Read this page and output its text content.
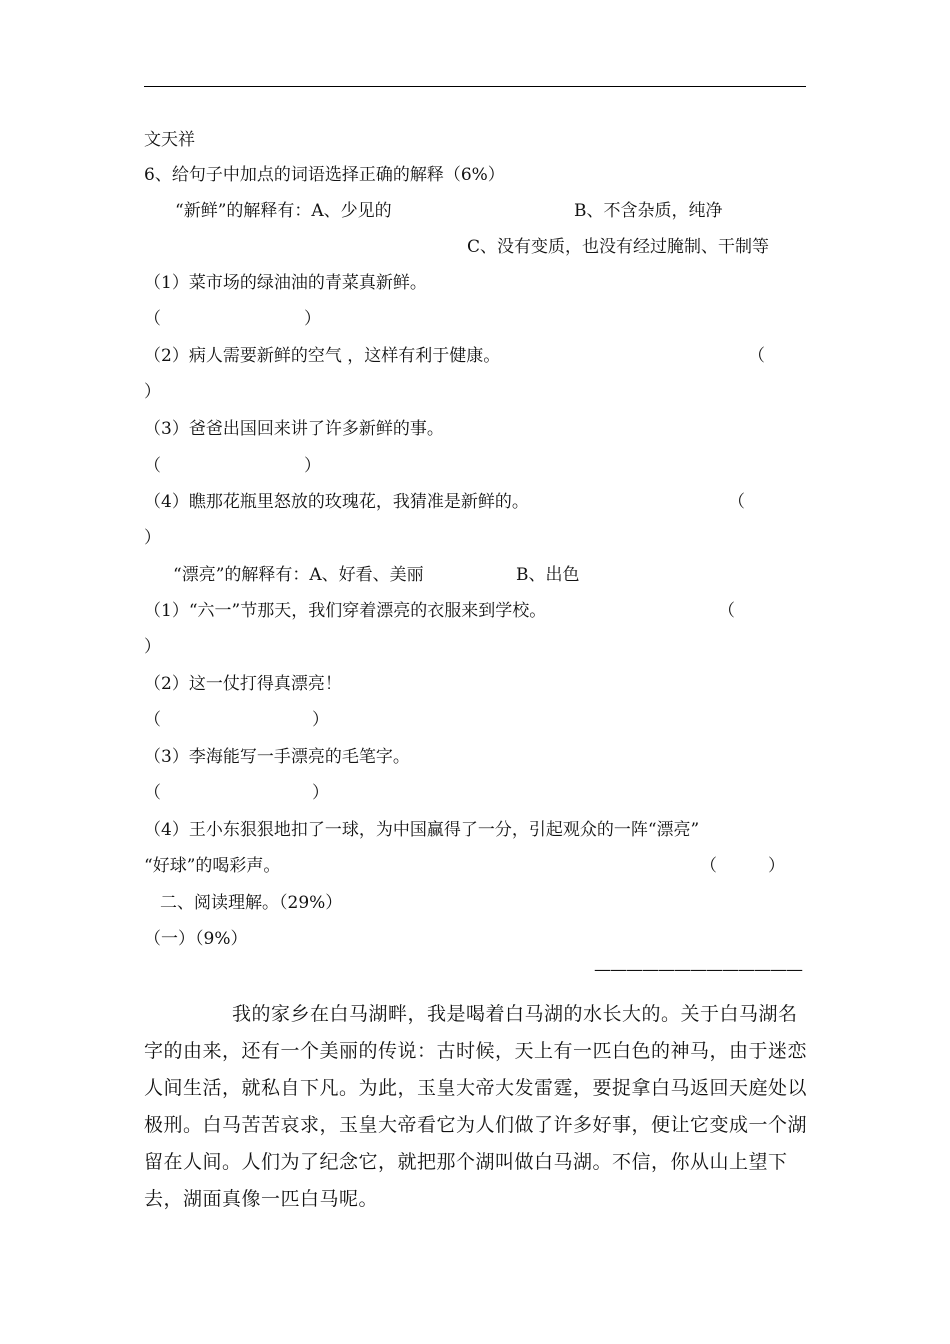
文天祥
6、给句子中加点的词语选择正确的解释（6%）
“新鲜”的解释有：A、少见的	B、不含杂质，纯净
C、没有变质，也没有经过腌制、干制等
（1）菜市场的绿油油的青菜真新鲜。
（	）
（2）病人需要新鲜的空气 ，这样有利于健康。	（
）
（3）爸爸出国回来讲了许多新鲜的事。
（	）
（4）瞧那花瓶里怒放的玫瑰花，我猜准是新鲜的。	（
）
“漂亮”的解释有：A、好看、美丽	B、出色
（1）“六一”节那天，我们穿着漂亮的衣服来到学校。	（
）
（2）这一仗打得真漂亮！
（	）
（3）李海能写一手漂亮的毛笔字。
（	）
（4）王小东狠狠地扣了一球，为中国赢得了一分，引起观众的一阵“漂亮”
“好球”的喝彩声。	（　　　）
二、阅读理解。（29%）
（一）（9%）
—————————————
我的家乡在白马湖畔，我是喝着白马湖的水长大的。关于白马湖名字的由来，还有一个美丽的传说：古时候，天上有一匹白色的神马，由于迷恋人间生活，就私自下凡。为此，玉皇大帝大发雷霆，要捉拿白马返回天庭处以极刑。白马苦苦哀求，玉皇大帝看它为人们做了许多好事，便让它变成一个湖留在人间。人们为了纪念它，就把那个湖叫做白马湖。不信，你从山上望下去，湖面真像一匹白马呢。
